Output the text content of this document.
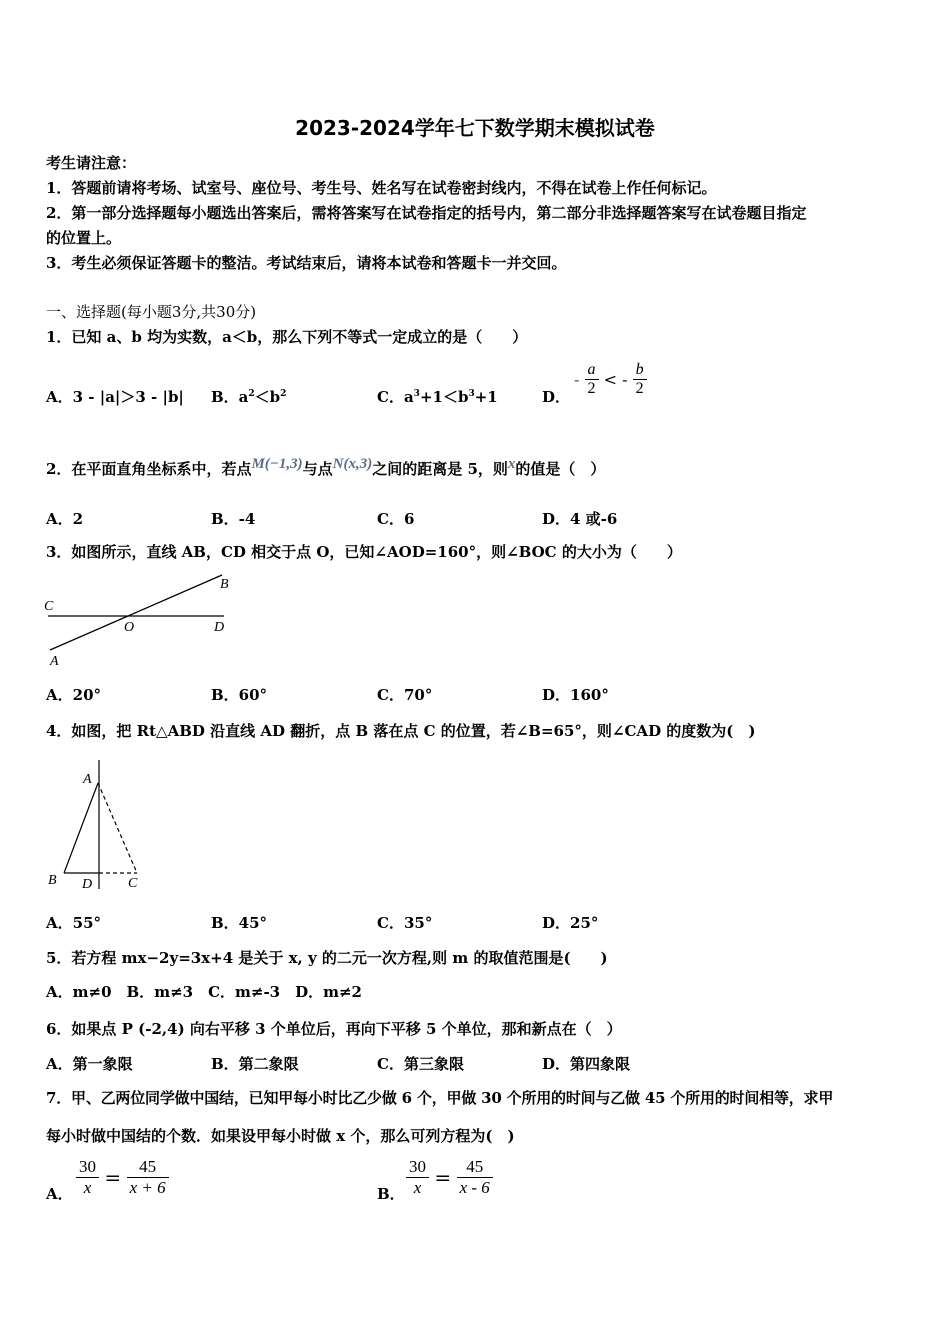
2023-2024学年七下数学期末模拟试卷
考生请注意：
1．答题前请将考场、试室号、座位号、考生号、姓名写在试卷密封线内，不得在试卷上作任何标记。
2．第一部分选择题每小题选出答案后，需将答案写在试卷指定的括号内，第二部分非选择题答案写在试卷题目指定
的位置上。
3．考生必须保证答题卡的整洁。考试结束后，请将本试卷和答题卡一并交回。
一、选择题(每小题3分,共30分)
1．已知 a、b 均为实数，a＜b，那么下列不等式一定成立的是（　　）
A．3 - |a|＞3 - |b| B．$a^2<b^2$	C．$a^3+1<b^3+1$	D．
- $\frac{a}{2}$ < - $\frac{b}{2}$
2．在平面直角坐标系中，若点M(−1,3)与点N(x,3)之间的距离是 5，则x的值是（　）
A．2	B．-4	C．6	D．4 或-6
3．如图所示，直线 AB，CD 相交于点 O，已知∠AOD=160°，则∠BOC 的大小为（　　）
C
B
O	D
A
A．20°	B．60°	C．70°	D．160°
4．如图，把 Rt△ABD 沿直线 AD 翻折，点 B 落在点 C 的位置，若∠B=65°，则∠CAD 的度数为(　)
A
B D	C
A．55°	B．45°	C．35°	D．25°
5．若方程 mx−2y=3x+4 是关于 x, y 的二元一次方程,则 m 的取值范围是(　　)
A．m≠0　B．m≠3　C．m≠-3　D．m≠2
6．如果点 P (-2,4) 向右平移 3 个单位后，再向下平移 5 个单位，那和新点在（　）
A．第一象限	B．第二象限	C．第三象限	D．第四象限
7．甲、乙两位同学做中国结，已知甲每小时比乙少做 6 个，甲做 30 个所用的时间与乙做 45 个所用的时间相等，求甲
每小时做中国结的个数．如果设甲每小时做 x 个，那么可列方程为(　)
A． $\frac{30}{x} = \frac{45}{x + 6}$	B． $\frac{30}{x} = \frac{45}{x - 6}$
